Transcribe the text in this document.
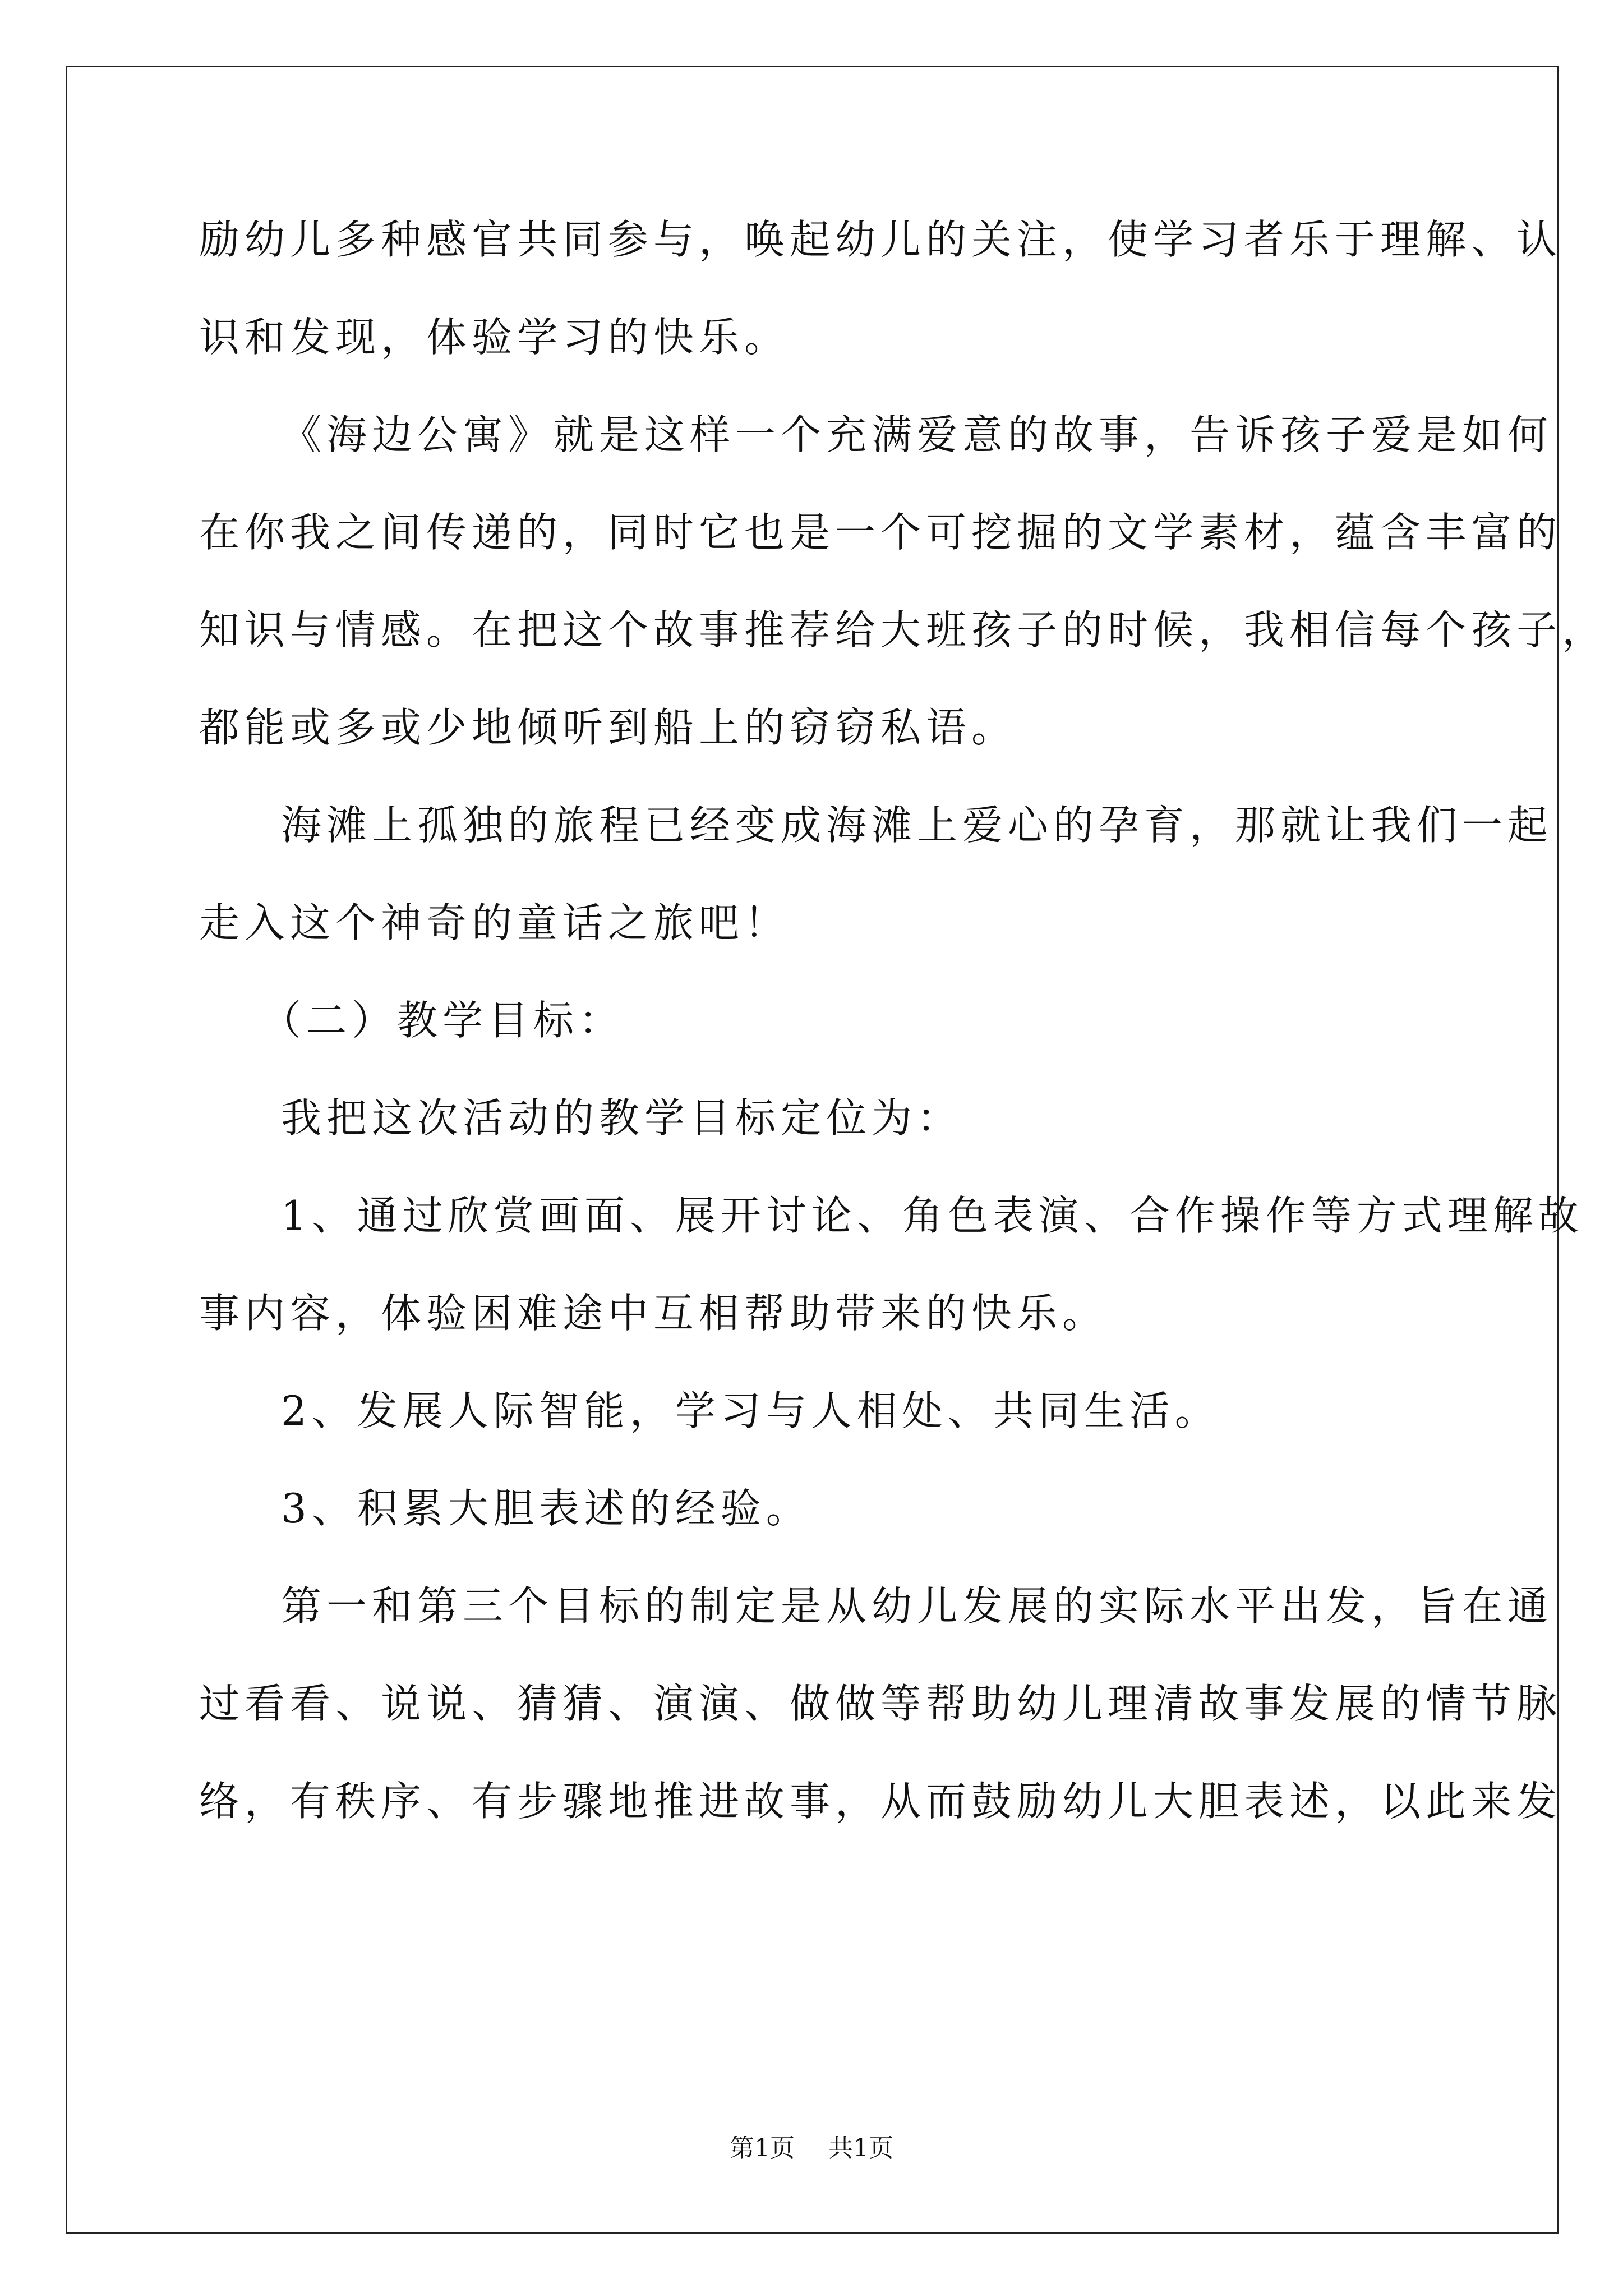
励幼儿多种感官共同参与，唤起幼儿的关注，使学习者乐于理解、认
识和发现，体验学习的快乐。
《海边公寓》就是这样一个充满爱意的故事，告诉孩子爱是如何
在你我之间传递的，同时它也是一个可挖掘的文学素材，蕴含丰富的
知识与情感。在把这个故事推荐给大班孩子的时候，我相信每个孩子，
都能或多或少地倾听到船上的窃窃私语。
海滩上孤独的旅程已经变成海滩上爱心的孕育，那就让我们一起
走入这个神奇的童话之旅吧！
（二）教学目标：
我把这次活动的教学目标定位为：
1、通过欣赏画面、展开讨论、角色表演、合作操作等方式理解故
事内容，体验困难途中互相帮助带来的快乐。
2、发展人际智能，学习与人相处、共同生活。
3、积累大胆表述的经验。
第一和第三个目标的制定是从幼儿发展的实际水平出发，旨在通
过看看、说说、猜猜、演演、做做等帮助幼儿理清故事发展的情节脉
络，有秩序、有步骤地推进故事，从而鼓励幼儿大胆表述，以此来发
第1页 共1页
